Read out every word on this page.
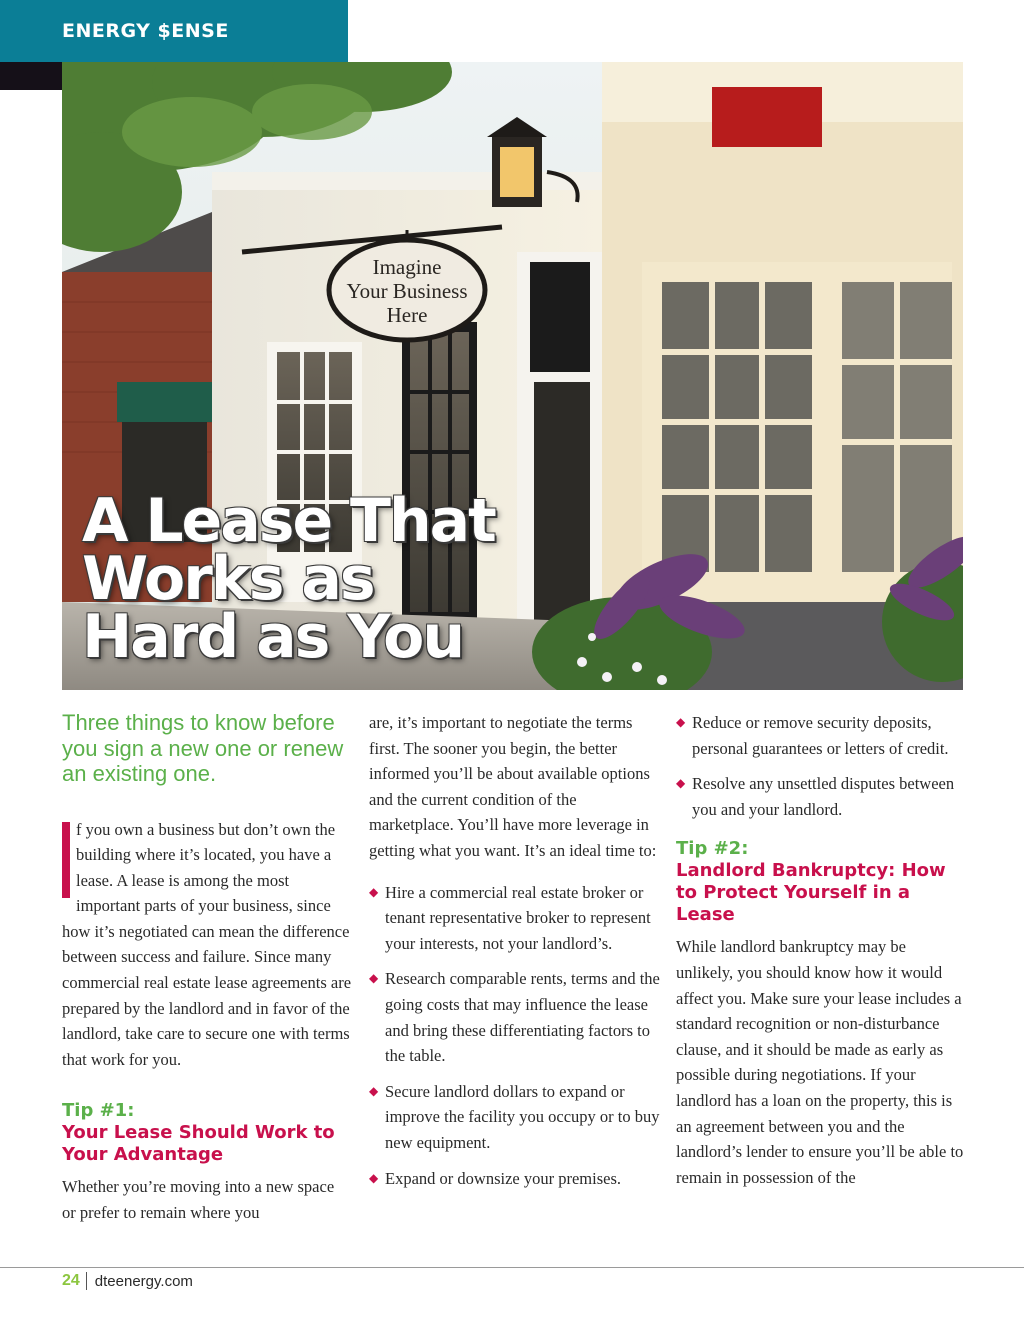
ENERGY $ENSE
Imagine
Your Business
Here
A Lease That
Works as
Hard as You
Three things to know before you sign a new one or renew an existing one.

f you own a business but don’t own the building where it’s located, you have a lease. A lease is among the most important parts of your business, since how it’s negotiated can mean the difference between success and failure. Since many commercial real estate lease agreements are prepared by the landlord and in favor of the landlord, take care to secure one with terms that work for you.

Tip #1:
Your Lease Should Work to Your Advantage

Whether you’re moving into a new space or prefer to remain where you

are, it’s important to negotiate the terms first. The sooner you begin, the better informed you’ll be about available options and the current condition of the marketplace. You’ll have more leverage in getting what you want. It’s an ideal time to:

◆ Hire a commercial real estate broker or tenant representative broker to represent your interests, not your landlord’s.
◆ Research comparable rents, terms and the going costs that may influence the lease and bring these differentiating factors to the table.
◆ Secure landlord dollars to expand or improve the facility you occupy or to buy new equipment.
◆ Expand or downsize your premises.
◆ Reduce or remove security deposits, personal guarantees or letters of credit.
◆ Resolve any unsettled disputes between you and your landlord.
Tip #2:
Landlord Bankruptcy: How to Protect Yourself in a Lease

While landlord bankruptcy may be unlikely, you should know how it would affect you. Make sure your lease includes a standard recognition or non-disturbance clause, and it should be made as early as possible during negotiations. If your landlord has a loan on the property, this is an agreement between you and the landlord’s lender to ensure you’ll be able to remain in possession of the

24 dteenergy.com
